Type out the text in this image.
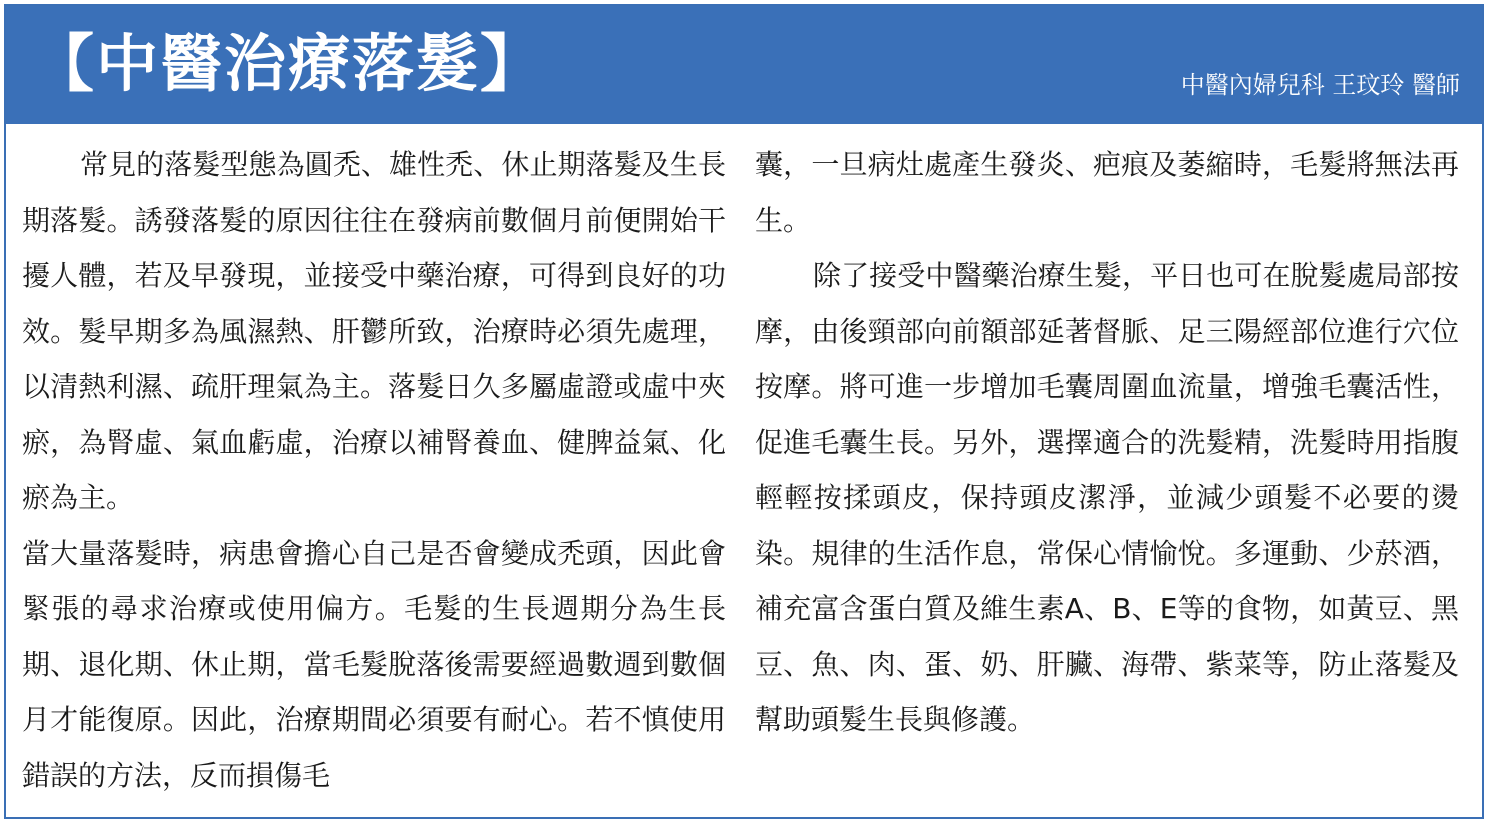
【中醫治療落髮】	中醫內婦兒科 王玟玲 醫師

常見的落髮型態為圓禿、雄性禿、休止期落髮及生長期落髮。誘發落髮的原因往往在發病前數個月前便開始干擾人體，若及早發現，並接受中藥治療，可得到良好的功效。髮早期多為風濕熱、肝鬱所致，治療時必須先處理，以清熱利濕、疏肝理氣為主。落髮日久多屬虛證或虛中夾瘀，為腎虛、氣血虧虛，治療以補腎養血、健脾益氣、化瘀為主。

當大量落髮時，病患會擔心自己是否會變成禿頭，因此會緊張的尋求治療或使用偏方。毛髮的生長週期分為生長期、退化期、休止期，當毛髮脫落後需要經過數週到數個月才能復原。因此，治療期間必須要有耐心。若不慎使用錯誤的方法，反而損傷毛

囊，一旦病灶處產生發炎、疤痕及萎縮時，毛髮將無法再生。

除了接受中醫藥治療生髮，平日也可在脫髮處局部按摩，由後頸部向前額部延著督脈、足三陽經部位進行穴位按摩。將可進一步增加毛囊周圍血流量，增強毛囊活性，促進毛囊生長。另外，選擇適合的洗髮精，洗髮時用指腹輕輕按揉頭皮，保持頭皮潔淨，並減少頭髮不必要的燙染。規律的生活作息，常保心情愉悅。多運動、少菸酒，補充富含蛋白質及維生素A、B、E等的食物，如黃豆、黑豆、魚、肉、蛋、奶、肝臟、海帶、紫菜等，防止落髮及幫助頭髮生長與修護。
